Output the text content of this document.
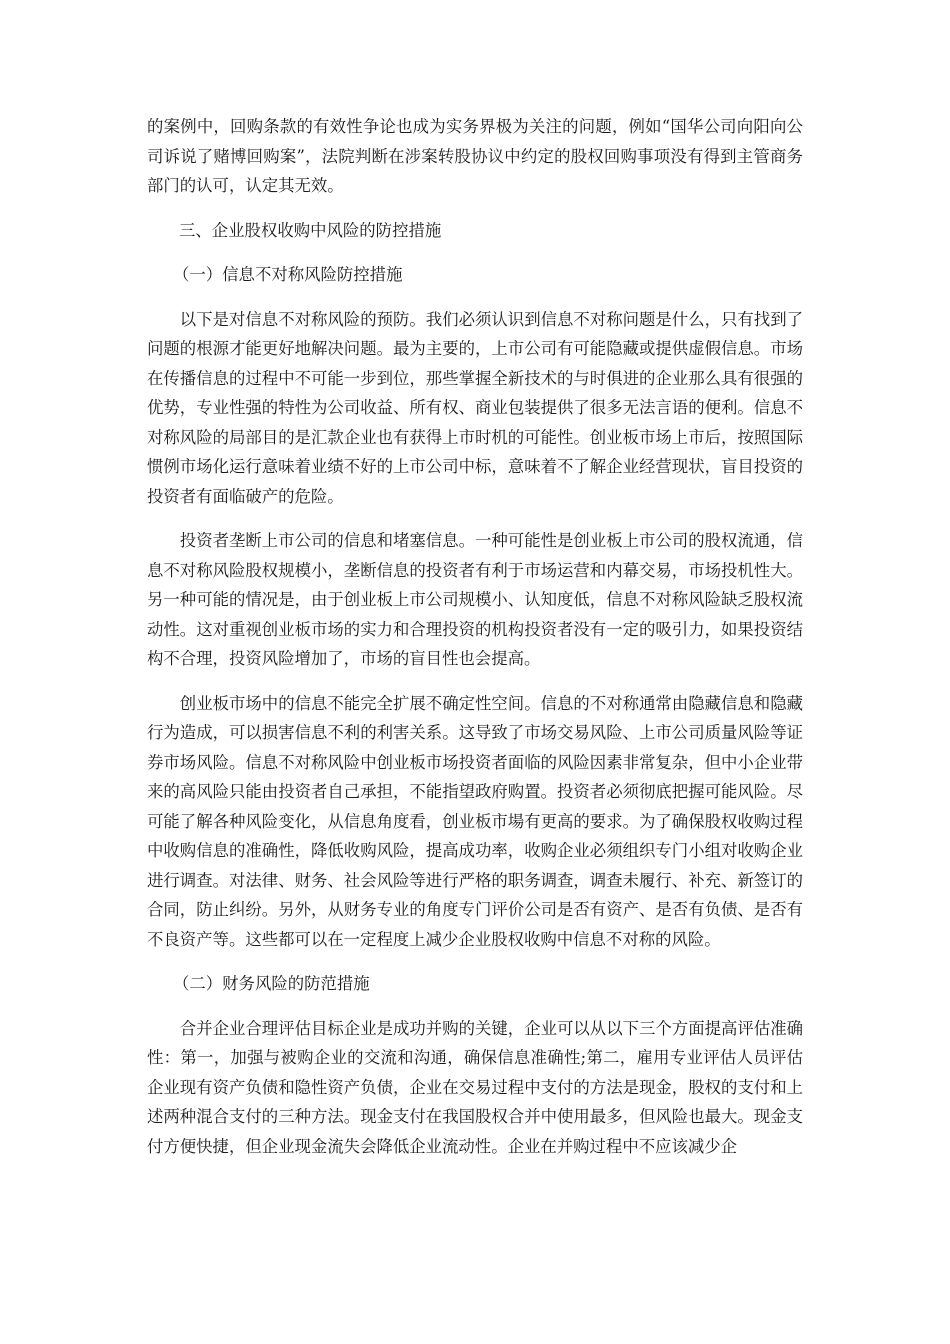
的案例中，回购条款的有效性争论也成为实务界极为关注的问题，例如“国华公司向阳向公司诉说了赌博回购案”，法院判断在涉案转股协议中约定的股权回购事项没有得到主管商务部门的认可，认定其无效。

三、企业股权收购中风险的防控措施

（一）信息不对称风险防控措施

以下是对信息不对称风险的预防。我们必须认识到信息不对称问题是什么，只有找到了问题的根源才能更好地解决问题。最为主要的，上市公司有可能隐藏或提供虚假信息。市场在传播信息的过程中不可能一步到位，那些掌握全新技术的与时俱进的企业那么具有很强的优势，专业性强的特性为公司收益、所有权、商业包装提供了很多无法言语的便利。信息不对称风险的局部目的是汇款企业也有获得上市时机的可能性。创业板市场上市后，按照国际惯例市场化运行意味着业绩不好的上市公司中标，意味着不了解企业经营现状，盲目投资的投资者有面临破产的危险。

投资者垄断上市公司的信息和堵塞信息。一种可能性是创业板上市公司的股权流通，信息不对称风险股权规模小，垄断信息的投资者有利于市场运营和内幕交易，市场投机性大。另一种可能的情况是，由于创业板上市公司规模小、认知度低，信息不对称风险缺乏股权流动性。这对重视创业板市场的实力和合理投资的机构投资者没有一定的吸引力，如果投资结构不合理，投资风险增加了，市场的盲目性也会提高。

创业板市场中的信息不能完全扩展不确定性空间。信息的不对称通常由隐藏信息和隐藏行为造成，可以损害信息不利的利害关系。这导致了市场交易风险、上市公司质量风险等证券市场风险。信息不对称风险中创业板市场投资者面临的风险因素非常复杂，但中小企业带来的高风险只能由投资者自己承担，不能指望政府购置。投资者必须彻底把握可能风险。尽可能了解各种风险变化，从信息角度看，创业板市場有更高的要求。为了确保股权收购过程中收购信息的准确性，降低收购风险，提高成功率，收购企业必须组织专门小组对收购企业进行调查。对法律、财务、社会风险等进行严格的职务调查，调查未履行、补充、新签订的合同，防止纠纷。另外，从财务专业的角度专门评价公司是否有资产、是否有负债、是否有不良资产等。这些都可以在一定程度上减少企业股权收购中信息不对称的风险。

（二）财务风险的防范措施

合并企业合理评估目标企业是成功并购的关键，企业可以从以下三个方面提高评估准确性：第一，加强与被购企业的交流和沟通，确保信息准确性;第二，雇用专业评估人员评估企业现有资产负债和隐性资产负债，企业在交易过程中支付的方法是现金，股权的支付和上述两种混合支付的三种方法。现金支付在我国股权合并中使用最多，但风险也最大。现金支付方便快捷，但企业现金流失会降低企业流动性。企业在并购过程中不应该减少企
